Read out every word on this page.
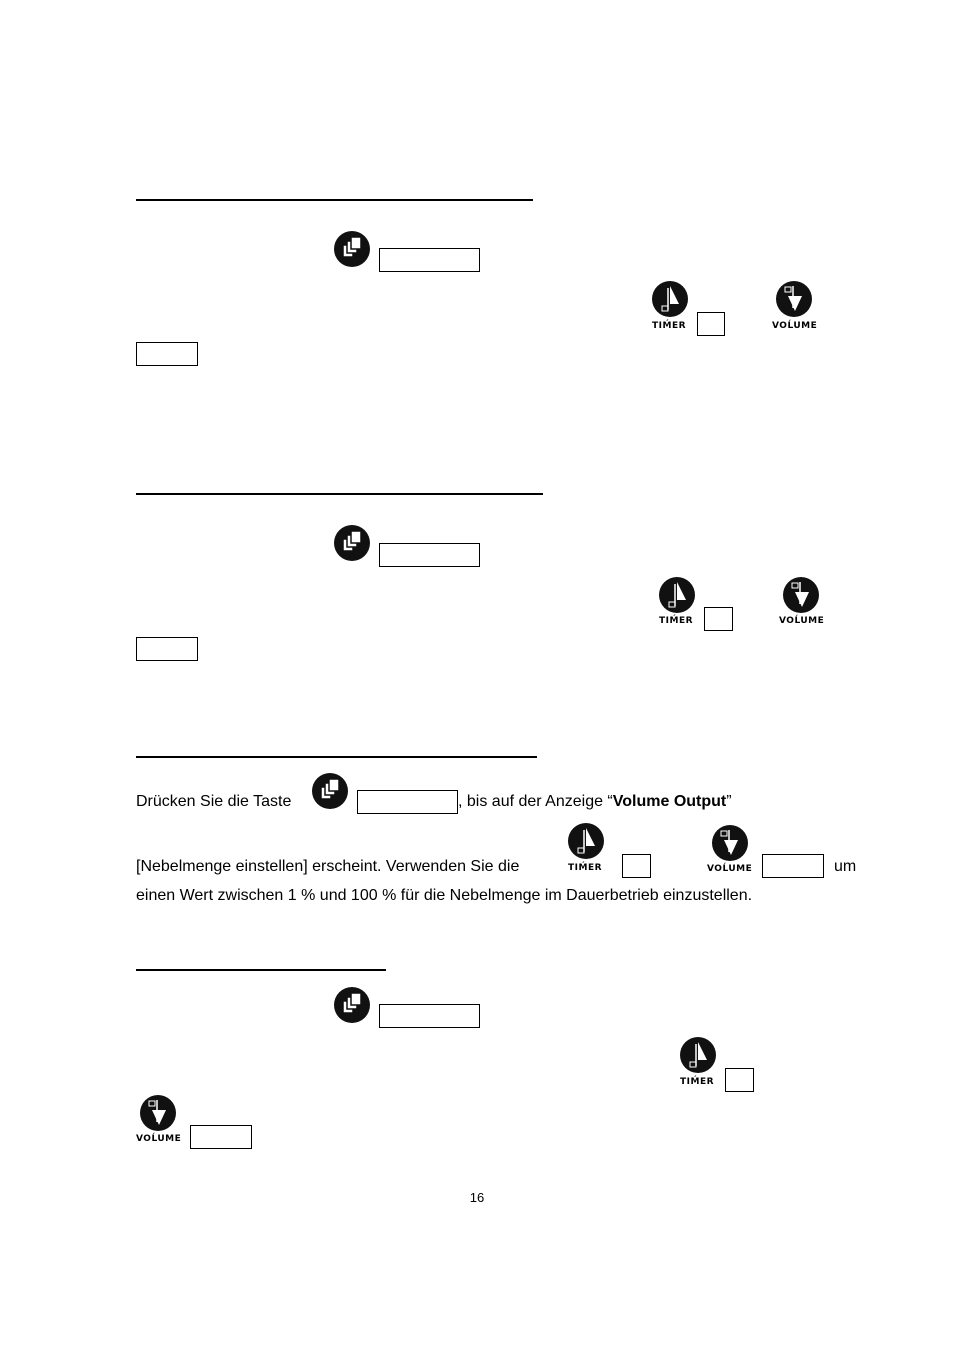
TIḾER	VOĹUME
TIḾER	VOĹUME
Drücken Sie die Taste	, bis auf der Anzeige “Volume Output”
[Nebelmenge einstellen] erscheint. Verwenden Sie die	TIḾER	VOĹUME	um
einen Wert zwischen 1 % und 100 % für die Nebelmenge im Dauerbetrieb einzustellen.
TIḾER
VOĹUME
16
